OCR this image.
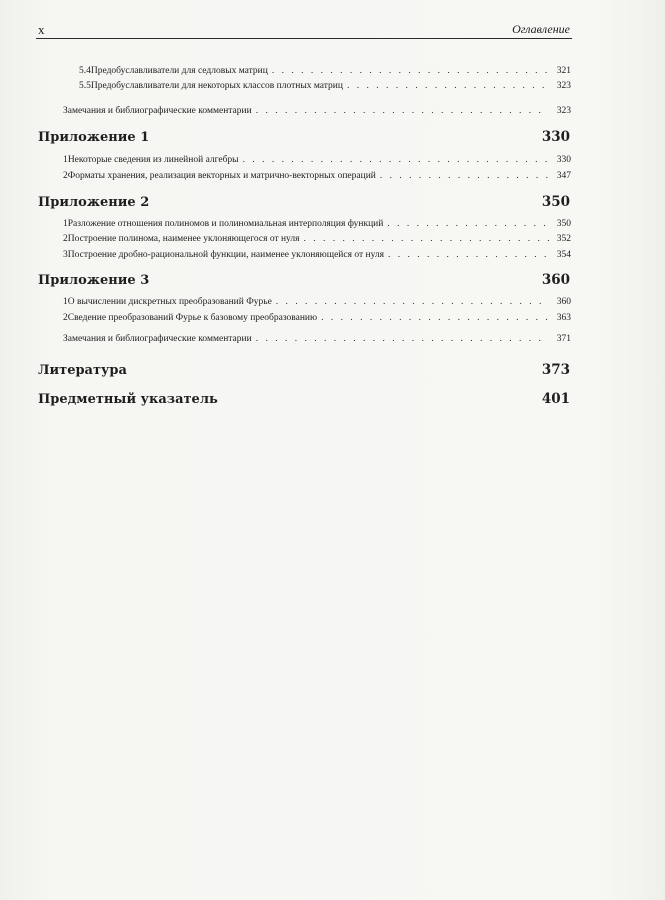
x	Оглавление
5.4 Предобуславливатели для седловых матриц . . .	321
5.5 Предобуславливатели для некоторых классов плотных матриц . . .	323
Замечания и библиографические комментарии . . .	323
Приложение 1	330
1 Некоторые сведения из линейной алгебры . . .	330
2 Форматы хранения, реализация векторных и матрично-векторных операций . . .	347
Приложение 2	350
1 Разложение отношения полиномов и полиномиальная интерполяция функций . . .	350
2 Построение полинома, наименее уклоняющегося от нуля . . .	352
3 Построение дробно-рациональной функции, наименее уклоняющейся от нуля . . .	354
Приложение 3	360
1 О вычислении дискретных преобразований Фурье . . .	360
2 Сведение преобразований Фурье к базовому преобразованию . . .	363
Замечания и библиографические комментарии . . .	371
Литература	373
Предметный указатель	401
